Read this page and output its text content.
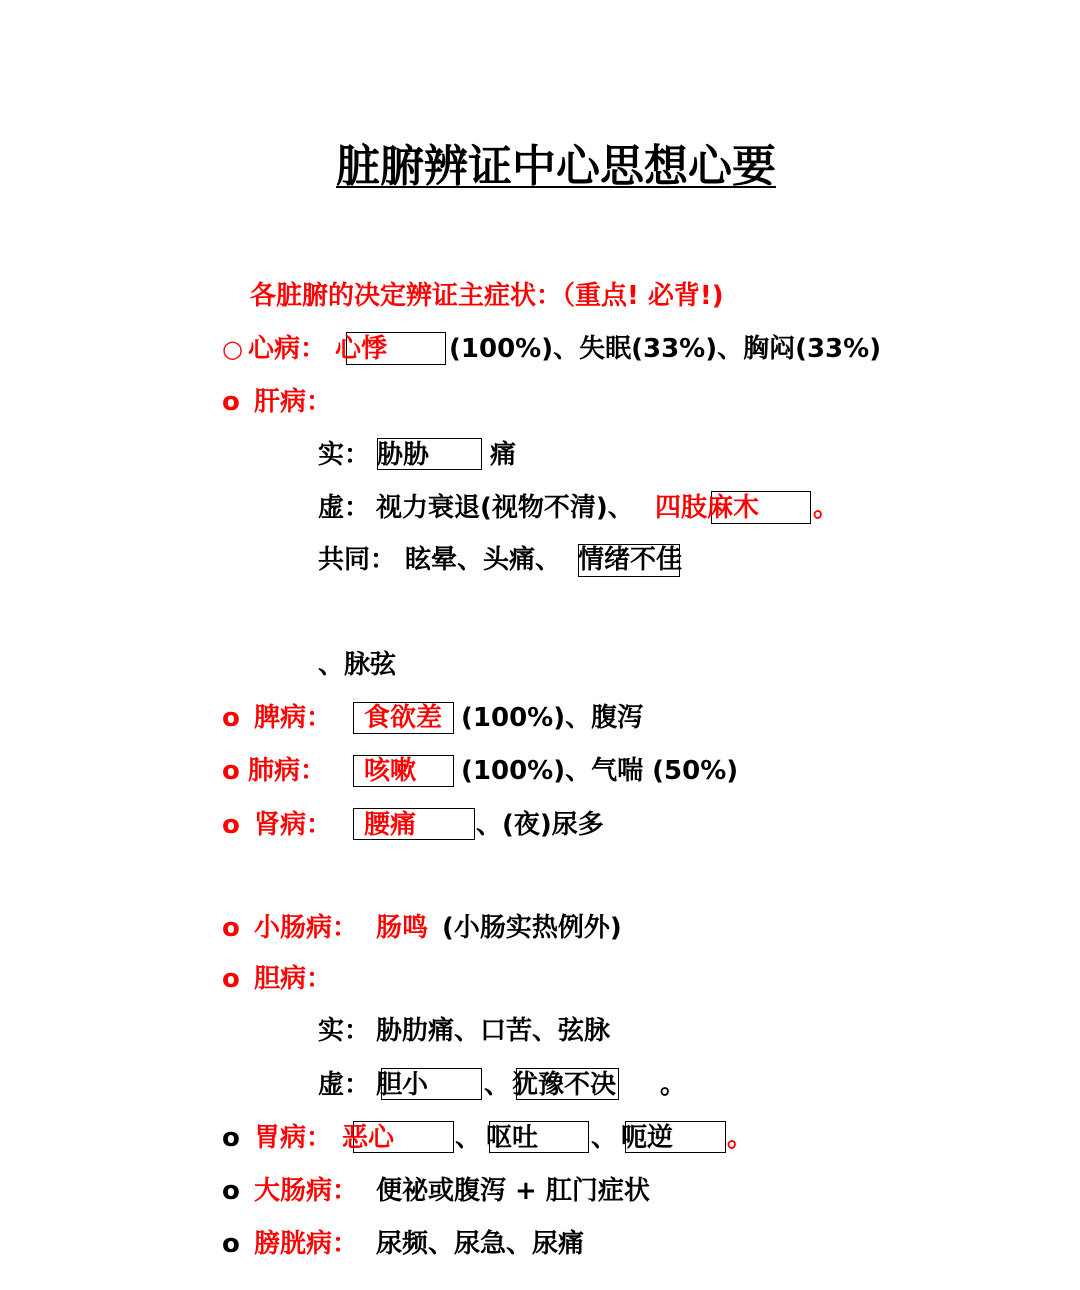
脏腑辨证中心思想心要
各脏腑的决定辨证主症状：（重点! 必背!)
○ 心病： 心悸 (100%)、失眠(33%)、胸闷(33%)
o 肝病：
实： 胁胁 痛
虚： 视力衰退(视物不清)、 四肢麻木 。
共同： 眩晕、头痛、 情绪不佳
、脉弦
o 脾病： 食欲差 (100%)、腹泻
o 肺病： 咳嗽 (100%)、气喘 (50%)
o 肾病： 腰痛 、(夜)尿多
o 小肠病： 肠鸣 (小肠实热例外)
o 胆病：
实： 胁肋痛、口苦、弦脉
虚： 胆小 、 犹豫不决 。
o 胃病： 恶心 、 呕吐 、 呃逆 。
o 大肠病： 便祕或腹泻 + 肛门症状
o 膀胱病： 尿频、尿急、尿痛
